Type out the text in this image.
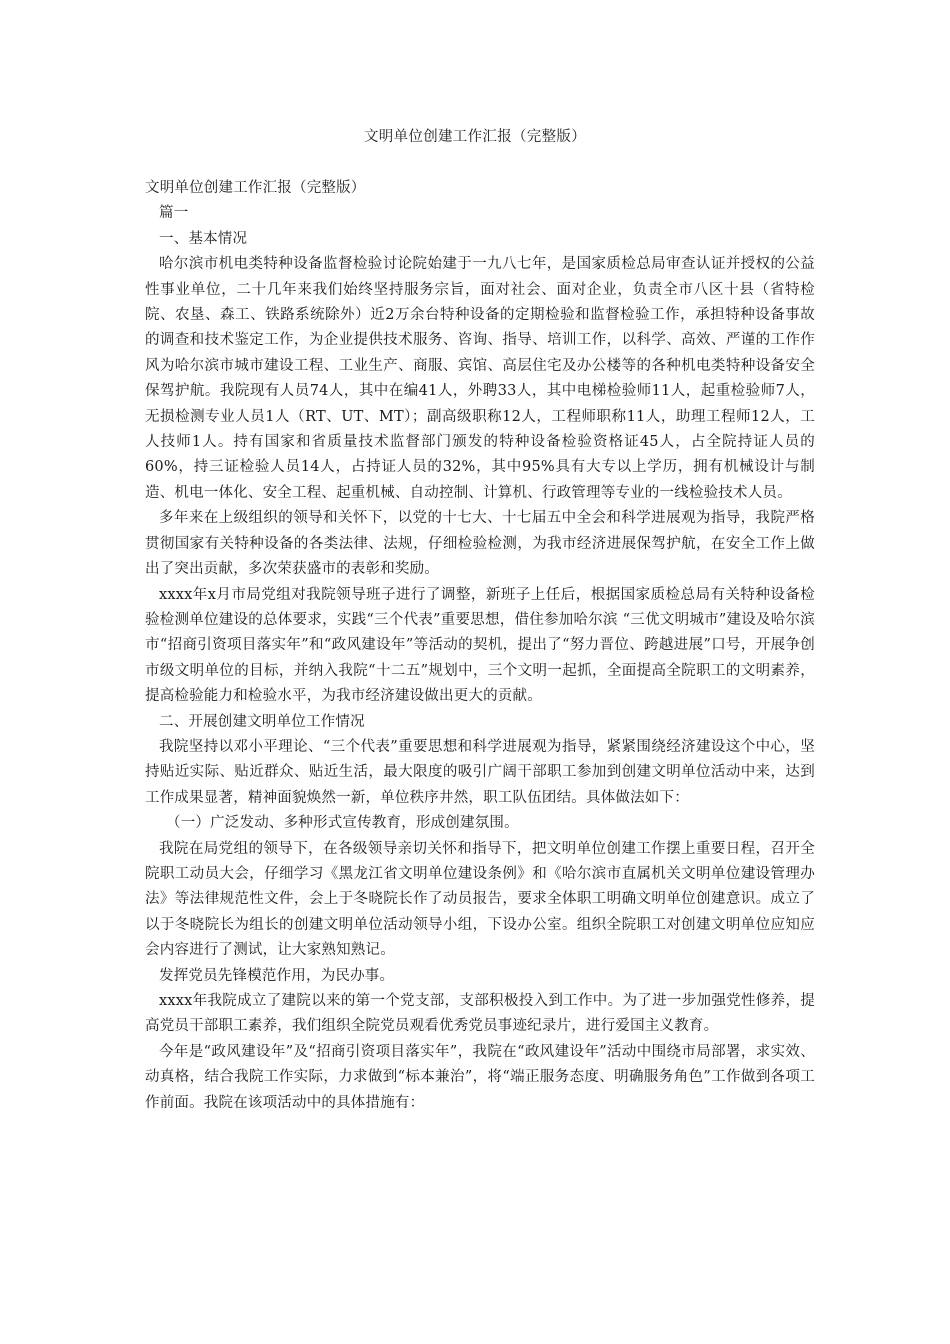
文明单位创建工作汇报（完整版）

文明单位创建工作汇报（完整版）

篇一

一、基本情况

哈尔滨市机电类特种设备监督检验讨论院始建于一九八七年，是国家质检总局审查认证并授权的公益性事业单位，二十几年来我们始终坚持服务宗旨，面对社会、面对企业，负责全市八区十县（省特检院、农垦、森工、铁路系统除外）近2万余台特种设备的定期检验和监督检验工作，承担特种设备事故的调查和技术鉴定工作，为企业提供技术服务、咨询、指导、培训工作，以科学、高效、严谨的工作作风为哈尔滨市城市建设工程、工业生产、商服、宾馆、高层住宅及办公楼等的各种机电类特种设备安全保驾护航。我院现有人员74人，其中在编41人，外聘33人，其中电梯检验师11人，起重检验师7人，无损检测专业人员1人（RT、UT、MT）；副高级职称12人，工程师职称11人，助理工程师12人，工人技师1人。持有国家和省质量技术监督部门颁发的特种设备检验资格证45人，占全院持证人员的60%，持三证检验人员14人，占持证人员的32%，其中95%具有大专以上学历，拥有机械设计与制造、机电一体化、安全工程、起重机械、自动控制、计算机、行政管理等专业的一线检验技术人员。

多年来在上级组织的领导和关怀下，以党的十七大、十七届五中全会和科学进展观为指导，我院严格贯彻国家有关特种设备的各类法律、法规，仔细检验检测，为我市经济进展保驾护航，在安全工作上做出了突出贡献，多次荣获盛市的表彰和奖励。

xxxx年x月市局党组对我院领导班子进行了调整，新班子上任后，根据国家质检总局有关特种设备检验检测单位建设的总体要求，实践“三个代表”重要思想，借住参加哈尔滨 “三优文明城市”建设及哈尔滨市“招商引资项目落实年”和“政风建设年”等活动的契机，提出了“努力晋位、跨越进展”口号，开展争创市级文明单位的目标，并纳入我院“十二五”规划中，三个文明一起抓，全面提高全院职工的文明素养，提高检验能力和检验水平，为我市经济建设做出更大的贡献。

二、开展创建文明单位工作情况

我院坚持以邓小平理论、“三个代表”重要思想和科学进展观为指导，紧紧围绕经济建设这个中心，坚持贴近实际、贴近群众、贴近生活，最大限度的吸引广阔干部职工参加到创建文明单位活动中来，达到工作成果显著，精神面貌焕然一新，单位秩序井然，职工队伍团结。具体做法如下：

（一）广泛发动、多种形式宣传教育，形成创建氛围。

我院在局党组的领导下，在各级领导亲切关怀和指导下，把文明单位创建工作摆上重要日程，召开全院职工动员大会，仔细学习《黑龙江省文明单位建设条例》和《哈尔滨市直属机关文明单位建设管理办法》等法律规范性文件，会上于冬晓院长作了动员报告，要求全体职工明确文明单位创建意识。成立了以于冬晓院长为组长的创建文明单位活动领导小组，下设办公室。组织全院职工对创建文明单位应知应会内容进行了测试，让大家熟知熟记。

发挥党员先锋模范作用，为民办事。

xxxx年我院成立了建院以来的第一个党支部，支部积极投入到工作中。为了进一步加强党性修养，提高党员干部职工素养，我们组织全院党员观看优秀党员事迹纪录片，进行爱国主义教育。

今年是“政风建设年”及“招商引资项目落实年”，我院在“政风建设年”活动中围绕市局部署，求实效、动真格，结合我院工作实际，力求做到“标本兼治”，将“端正服务态度、明确服务角色”工作做到各项工作前面。我院在该项活动中的具体措施有：
